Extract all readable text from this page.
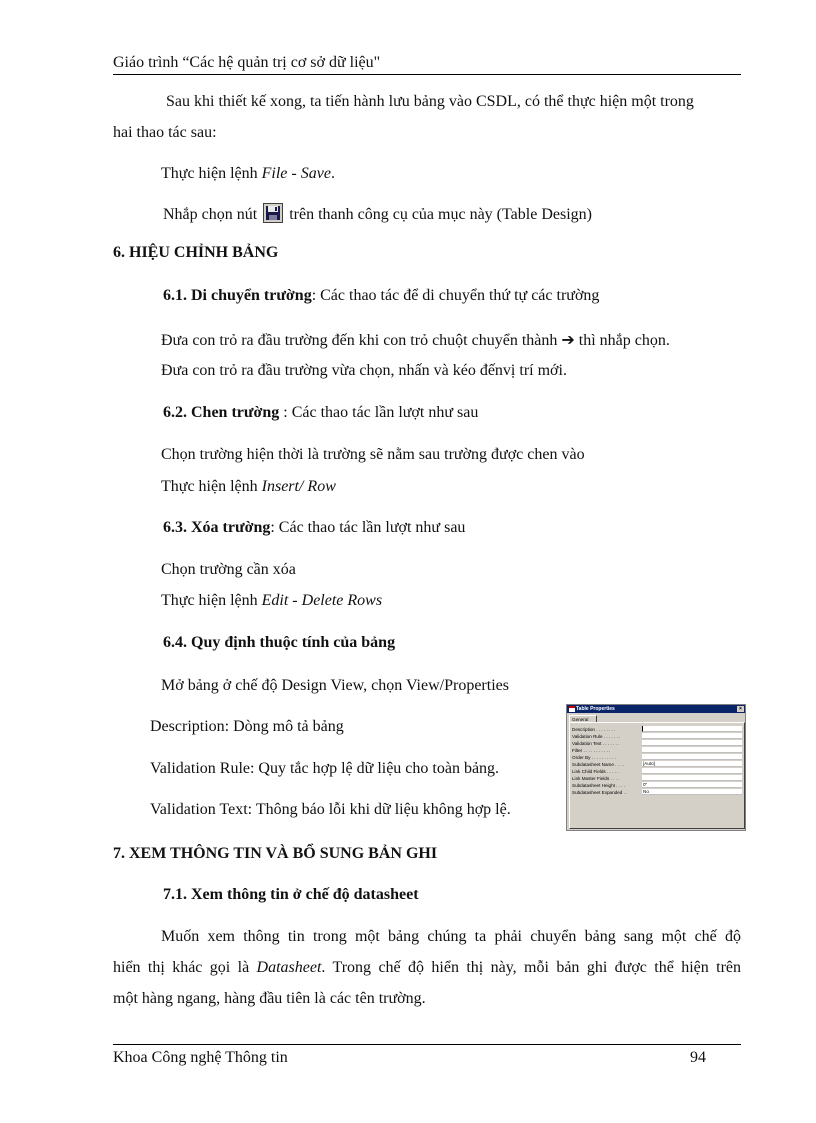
Giáo trình “Các hệ quản trị cơ sở dữ liệu"
Sau khi thiết kế xong, ta tiến hành lưu bảng vào CSDL, có thể thực hiện một trong
hai thao tác sau:
Thực hiện lệnh File - Save.
Nhắp chọn nút trên thanh công cụ của mục này (Table Design)
6. HIỆU CHỈNH BẢNG
6.1. Di chuyển trường: Các thao tác để di chuyển thứ tự các trường
Đưa con trỏ ra đầu trường đến khi con trỏ chuột chuyển thành ➔ thì nhắp chọn.
Đưa con trỏ ra đầu trường vừa chọn, nhấn và kéo đếnvị trí mới.
6.2. Chen trường : Các thao tác lần lượt như sau
Chọn trường hiện thời là trường sẽ nằm sau trường được chen vào
Thực hiện lệnh Insert/ Row
6.3. Xóa trường: Các thao tác lần lượt như sau
Chọn trường cần xóa
Thực hiện lệnh Edit - Delete Rows
6.4. Quy định thuộc tính của bảng
Mở bảng ở chế độ Design View, chọn View/Properties
Description: Dòng mô tả bảng
Validation Rule: Quy tắc hợp lệ dữ liệu cho toàn bảng.
Validation Text: Thông báo lỗi khi dữ liệu không hợp lệ.
Table Properties	×
General
Description . . . . . . . .
Validation Rule . . . . . . .
Validation Text . . . . . . .
Filter . . . . . . . . . . .
Order By . . . . . . . . . .
Subdatasheet Name . . . .	[Auto]
Link Child Fields . . . . .
Link Master Fields . . . .
Subdatasheet Height . . . .	0"
Subdatasheet Expanded . .	No
7. XEM THÔNG TIN VÀ BỔ SUNG BẢN GHI
7.1. Xem thông tin ở chế độ datasheet
Muốn xem thông tin trong một bảng chúng ta phải chuyển bảng sang một chế độ
hiển thị khác gọi là Datasheet. Trong chế độ hiển thị này, mỗi bản ghi được thể hiện trên
một hàng ngang, hàng đầu tiên là các tên trường.
Khoa Công nghệ Thông tin	94
